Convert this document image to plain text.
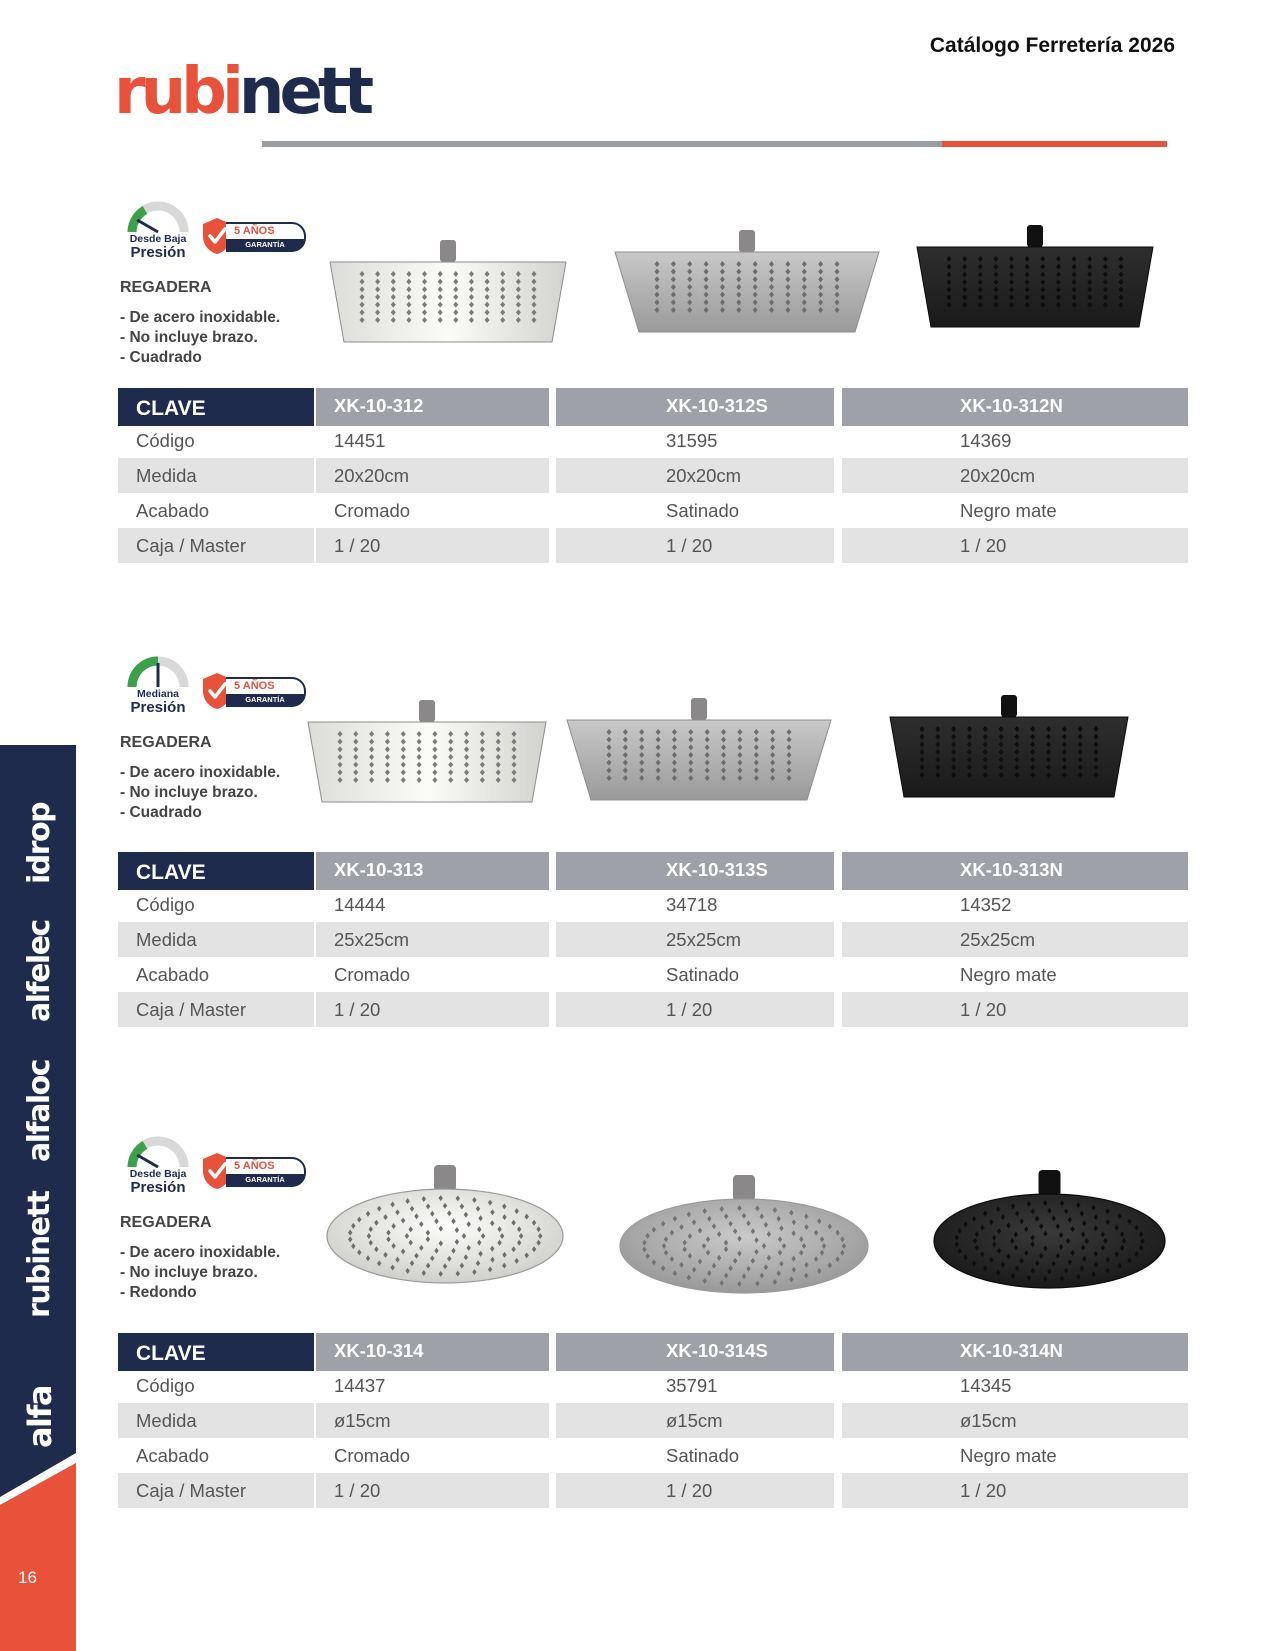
Catálogo Ferretería 2026
rubinett
idrop
alfelec
alfaloc
rubinett
alfa
16
Desde Baja
Presión
5 AÑOS
GARANTÍA
REGADERA
- De acero inoxidable.
- No incluye brazo.
- Cuadrado
CLAVE	XK-10-312	XK-10-312S	XK-10-312N
Código	14451	31595	14369
Medida	20x20cm	20x20cm	20x20cm
Acabado	Cromado	Satinado	Negro mate
Caja / Master	1 / 20	1 / 20	1 / 20
Mediana
Presión
5 AÑOS
GARANTÍA
REGADERA
- De acero inoxidable.
- No incluye brazo.
- Cuadrado
CLAVE	XK-10-313	XK-10-313S	XK-10-313N
Código	14444	34718	14352
Medida	25x25cm	25x25cm	25x25cm
Acabado	Cromado	Satinado	Negro mate
Caja / Master	1 / 20	1 / 20	1 / 20
Desde Baja
Presión
5 AÑOS
GARANTÍA
REGADERA
- De acero inoxidable.
- No incluye brazo.
- Redondo
CLAVE	XK-10-314	XK-10-314S	XK-10-314N
Código	14437	35791	14345
Medida	ø15cm	ø15cm	ø15cm
Acabado	Cromado	Satinado	Negro mate
Caja / Master	1 / 20	1 / 20	1 / 20
